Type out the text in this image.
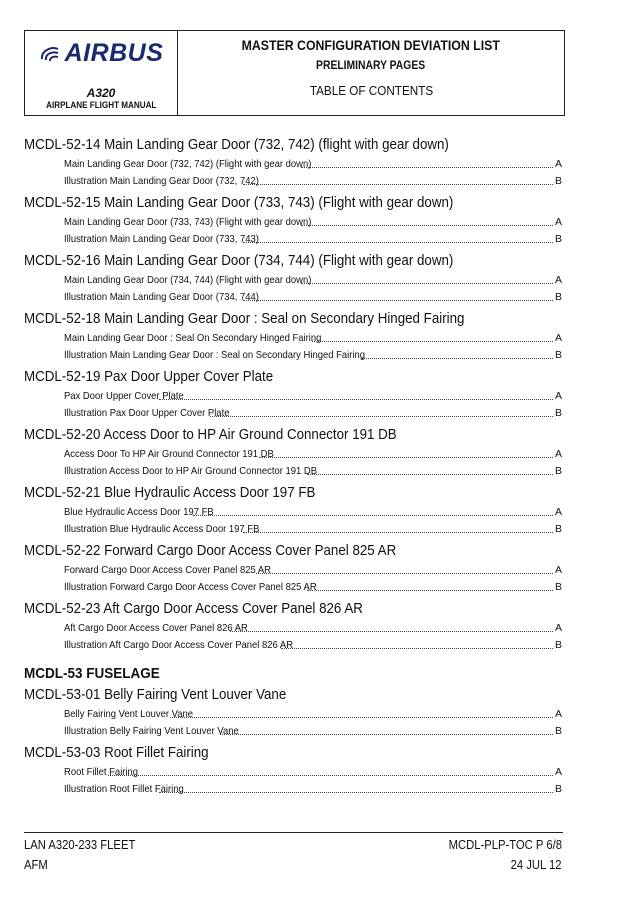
AIRBUS
A320
AIRPLANE FLIGHT MANUAL
MASTER CONFIGURATION DEVIATION LIST
PRELIMINARY PAGES
TABLE OF CONTENTS
MCDL-52-14 Main Landing Gear Door (732, 742) (flight with gear down)
Main Landing Gear Door (732, 742) (Flight with gear down)	A
Illustration Main Landing Gear Door (732, 742)	B
MCDL-52-15 Main Landing Gear Door (733, 743) (Flight with gear down)
Main Landing Gear Door (733, 743) (Flight with gear down)	A
Illustration Main Landing Gear Door (733, 743)	B
MCDL-52-16 Main Landing Gear Door (734, 744) (Flight with gear down)
Main Landing Gear Door (734, 744) (Flight with gear down)	A
Illustration Main Landing Gear Door (734, 744)	B
MCDL-52-18 Main Landing Gear Door : Seal on Secondary Hinged Fairing
Main Landing Gear Door : Seal On Secondary Hinged Fairing	A
Illustration Main Landing Gear Door : Seal on Secondary Hinged Fairing	B
MCDL-52-19 Pax Door Upper Cover Plate
Pax Door Upper Cover Plate	A
Illustration Pax Door Upper Cover Plate	B
MCDL-52-20 Access Door to HP Air Ground Connector 191 DB
Access Door To HP Air Ground Connector 191 DB	A
Illustration Access Door to HP Air Ground Connector 191 DB	B
MCDL-52-21 Blue Hydraulic Access Door 197 FB
Blue Hydraulic Access Door 197 FB	A
Illustration Blue Hydraulic Access Door 197 FB	B
MCDL-52-22 Forward Cargo Door Access Cover Panel 825 AR
Forward Cargo Door Access Cover Panel 825 AR	A
Illustration Forward Cargo Door Access Cover Panel 825 AR	B
MCDL-52-23 Aft Cargo Door Access Cover Panel 826 AR
Aft Cargo Door Access Cover Panel 826 AR	A
Illustration Aft Cargo Door Access Cover Panel 826 AR	B
MCDL-53 FUSELAGE
MCDL-53-01 Belly Fairing Vent Louver Vane
Belly Fairing Vent Louver Vane	A
Illustration Belly Fairing Vent Louver Vane	B
MCDL-53-03 Root Fillet Fairing
Root Fillet Fairing	A
Illustration Root Fillet Fairing	B
LAN A320-233 FLEET
AFM
MCDL-PLP-TOC P 6/8
24 JUL 12
